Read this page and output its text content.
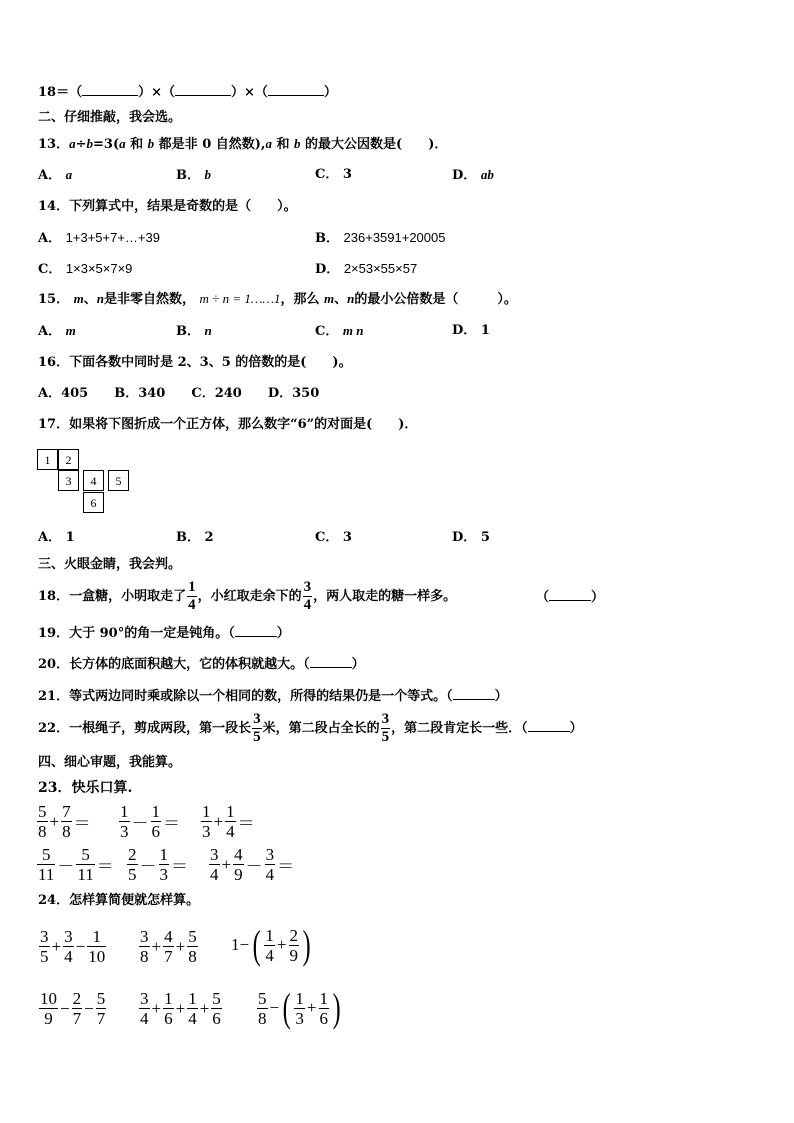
18＝（	）×（	）×（	）
二、仔细推敲，我会选。
13．a÷b=3(a 和 b 都是非 0 自然数),a 和 b 的最大公因数是(　　)．
A． a	B． b	C． 3	D． ab
14．下列算式中，结果是奇数的是（　　）。
A． 1+3+5+7+…+39	B． 236+3591+20005
C． 1×3×5×7×9	D． 2×53×55×57
15． m、n是非零自然数， m ÷ n = 1……1，那么 m、n的最小公倍数是（　　　）。
A． m	B． n	C． m n	D． 1
16．下面各数中同时是 2、3、5 的倍数的是(　　)。
A．405　　B．340　　C．240　　D．350
17．如果将下图折成一个正方体，那么数字“6”的对面是(　　)．
1	2
3	4	5
6
A． 1	B． 2	C． 3	D． 5
三、火眼金睛，我会判。
18．一盒糖，小明取走了 $\frac{1}{4}$ ，小红取走余下的 $\frac{3}{4}$ ，两人取走的糖一样多。	（	）
19．大于 90°的角一定是钝角。（	）
20．长方体的底面积越大，它的体积就越大。（	）
21．等式两边同时乘或除以一个相同的数，所得的结果仍是一个等式。（	）
22．一根绳子，剪成两段，第一段长 $\frac{3}{5}$ 米，第二段占全长的 $\frac{3}{5}$ ，第二段肯定长一些．（	）
四、细心审题，我能算。
23．快乐口算.
$\frac{5}{8} + \frac{7}{8} = \frac{1}{3} - \frac{1}{6} = \frac{1}{3} + \frac{1}{4}$ ＝
$\frac{5}{11} - \frac{5}{11} = \frac{2}{5} - \frac{1}{3} = \frac{3}{4} + \frac{4}{9} - \frac{3}{4}$ ＝
24．怎样算简便就怎样算。
$\frac{3}{5} + \frac{3}{4} - \frac{1}{10} \frac{3}{8} + \frac{4}{7} + \frac{5}{8} 1-( \frac{1}{4} + \frac{2}{9}$ )
$\frac{10}{9} - \frac{2}{7} - \frac{5}{7} \frac{3}{4} + \frac{1}{6} + \frac{1}{4} + \frac{5}{6} \frac{5}{8}$ −( $\frac{1}{3} + \frac{1}{6}$ )
